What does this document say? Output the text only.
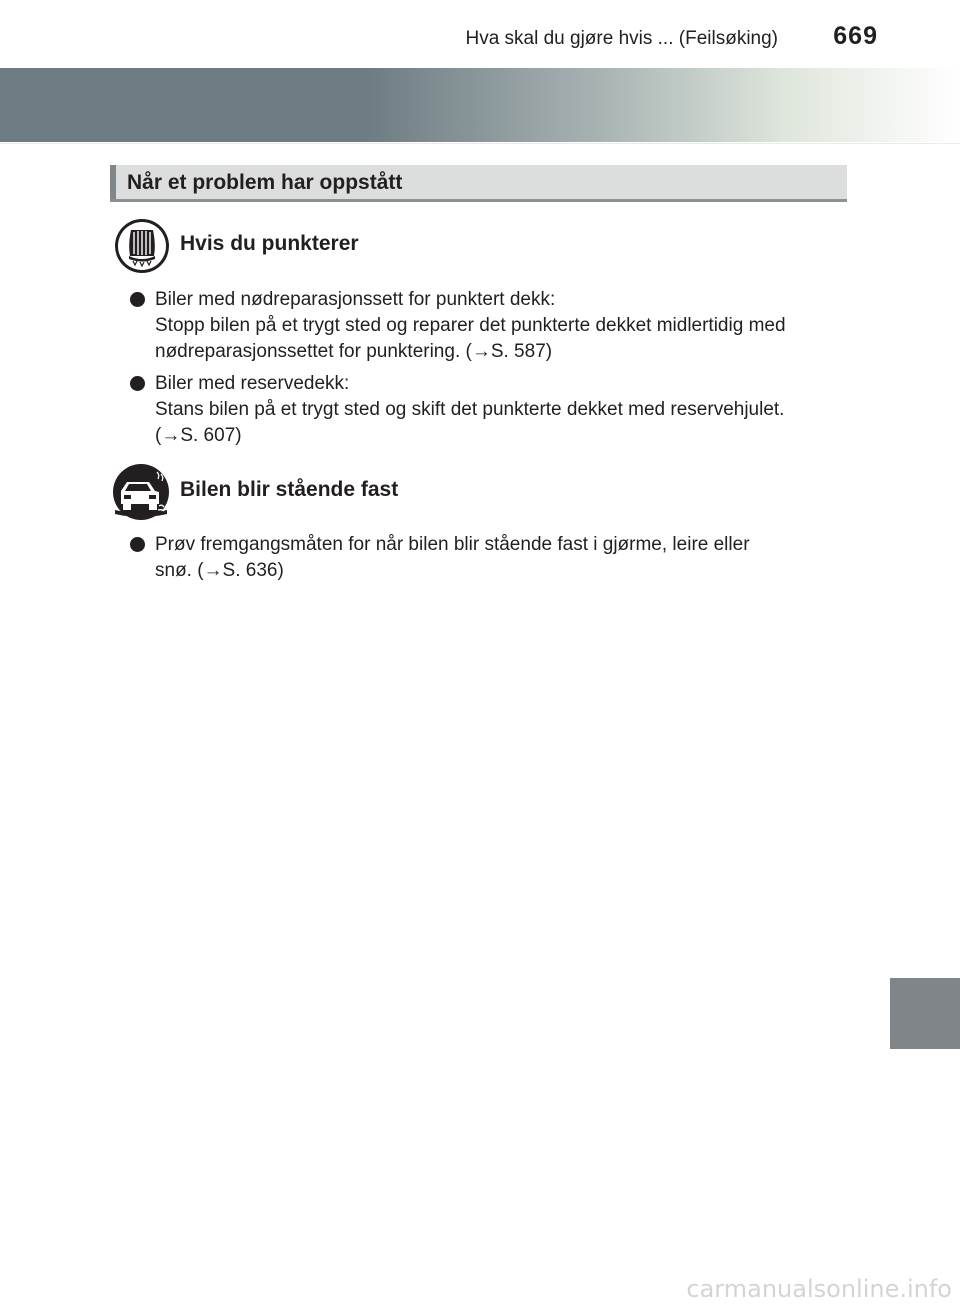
Hva skal du gjøre hvis ... (Feilsøking) 669
Når et problem har oppstått
Hvis du punkterer
Biler med nødreparasjonssett for punktert dekk:
Stopp bilen på et trygt sted og reparer det punkterte dekket midlertidig med
nødreparasjonssettet for punktering. (→S. 587)
Biler med reservedekk:
Stans bilen på et trygt sted og skift det punkterte dekket med reservehjulet.
(→S. 607)
Bilen blir stående fast
Prøv fremgangsmåten for når bilen blir stående fast i gjørme, leire eller
snø. (→S. 636)
carmanualsonline.info
